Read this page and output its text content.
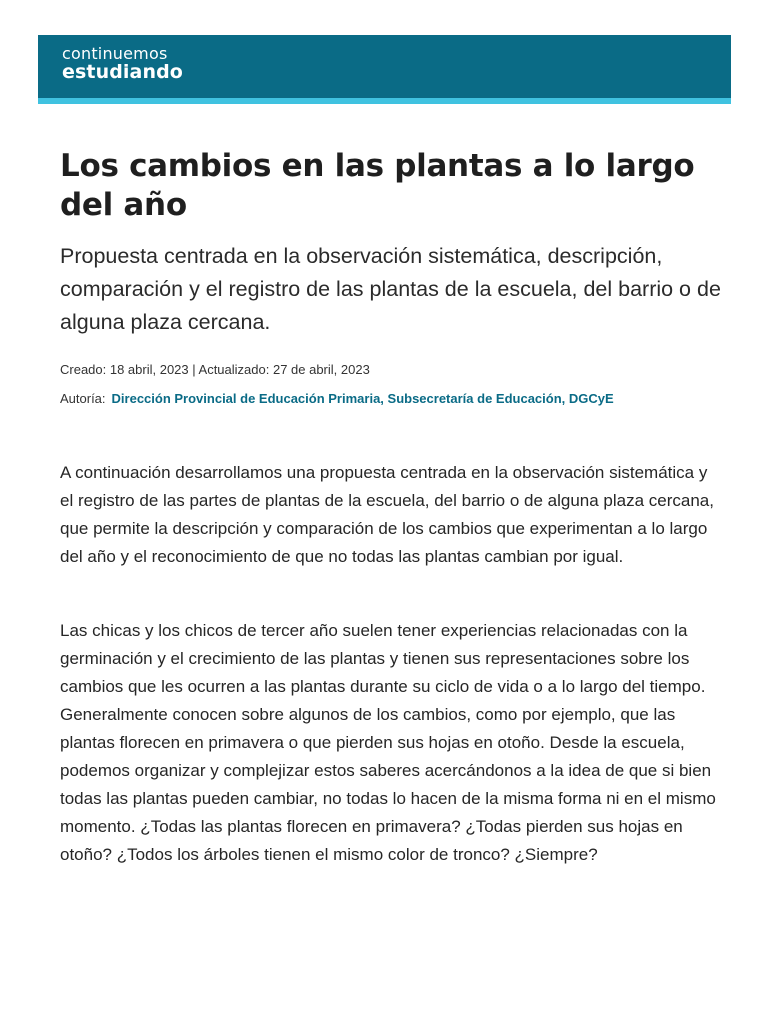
continuemos
estudiando
Los cambios en las plantas a lo largo del año

Propuesta centrada en la observación sistemática, descripción, comparación y el registro de las plantas de la escuela, del barrio o de alguna plaza cercana.

Creado: 18 abril, 2023 | Actualizado: 27 de abril, 2023
Autoría: Dirección Provincial de Educación Primaria, Subsecretaría de Educación, DGCyE

A continuación desarrollamos una propuesta centrada en la observación sistemática y el registro de las partes de plantas de la escuela, del barrio o de alguna plaza cercana, que permite la descripción y comparación de los cambios que experimentan a lo largo del año y el reconocimiento de que no todas las plantas cambian por igual.

Las chicas y los chicos de tercer año suelen tener experiencias relacionadas con la germinación y el crecimiento de las plantas y tienen sus representaciones sobre los cambios que les ocurren a las plantas durante su ciclo de vida o a lo largo del tiempo. Generalmente conocen sobre algunos de los cambios, como por ejemplo, que las plantas florecen en primavera o que pierden sus hojas en otoño. Desde la escuela, podemos organizar y complejizar estos saberes acercándonos a la idea de que si bien todas las plantas pueden cambiar, no todas lo hacen de la misma forma ni en el mismo momento. ¿Todas las plantas florecen en primavera? ¿Todas pierden sus hojas en otoño? ¿Todos los árboles tienen el mismo color de tronco? ¿Siempre?
